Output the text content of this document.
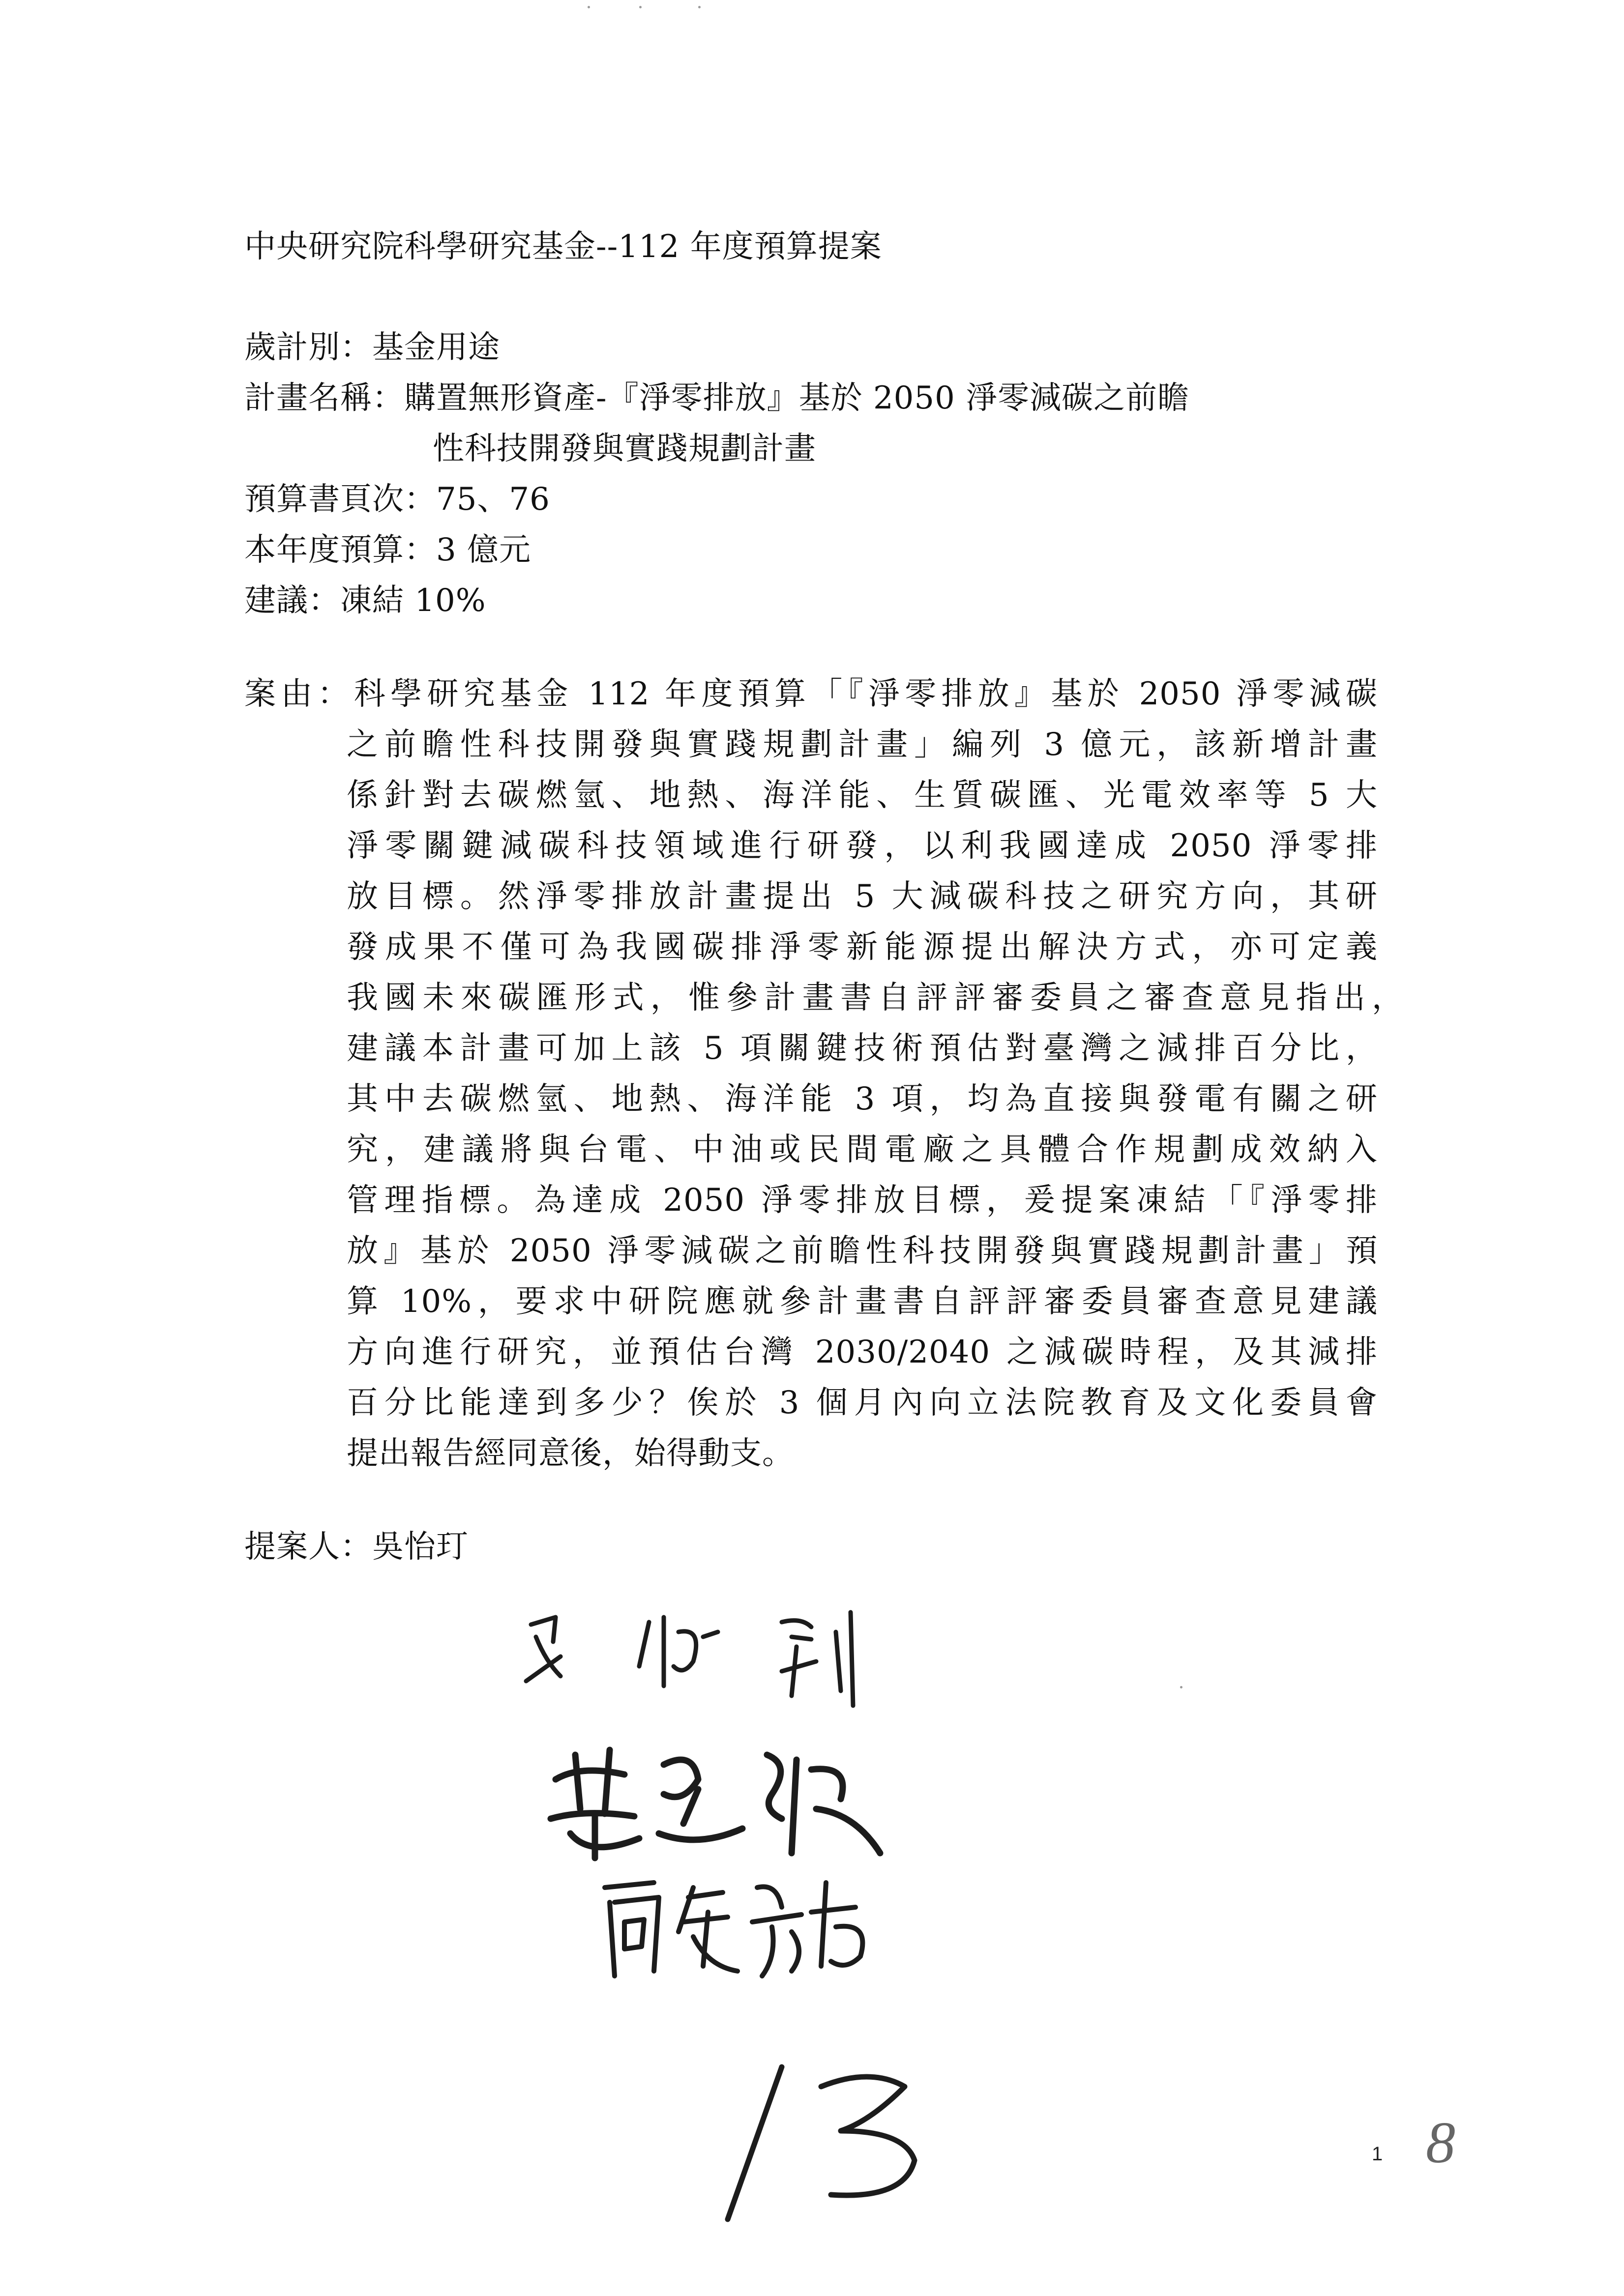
中央研究院科學研究基金--112 年度預算提案
歲計別：基金用途
計畫名稱：購置無形資產-『淨零排放』基於 2050 淨零減碳之前瞻
性科技開發與實踐規劃計畫
預算書頁次：75、76
本年度預算：3 億元
建議：凍結 10%
案由：科學研究基金 112 年度預算「『淨零排放』基於 2050 淨零減碳
之前瞻性科技開發與實踐規劃計畫」編列 3 億元，該新增計畫
係針對去碳燃氫、地熱、海洋能、生質碳匯、光電效率等 5 大
淨零關鍵減碳科技領域進行研發，以利我國達成 2050 淨零排
放目標。然淨零排放計畫提出 5 大減碳科技之研究方向，其研
發成果不僅可為我國碳排淨零新能源提出解決方式，亦可定義
我國未來碳匯形式，惟參計畫書自評評審委員之審查意見指出，
建議本計畫可加上該 5 項關鍵技術預估對臺灣之減排百分比，
其中去碳燃氫、地熱、海洋能 3 項，均為直接與發電有關之研
究，建議將與台電、中油或民間電廠之具體合作規劃成效納入
管理指標。為達成 2050 淨零排放目標，爰提案凍結「『淨零排
放』基於 2050 淨零減碳之前瞻性科技開發與實踐規劃計畫」預
算 10%，要求中研院應就參計畫書自評評審委員審查意見建議
方向進行研究，並預估台灣 2030/2040 之減碳時程，及其減排
百分比能達到多少？俟於 3 個月內向立法院教育及文化委員會
提出報告經同意後，始得動支。
提案人：吳怡玎
1 8
